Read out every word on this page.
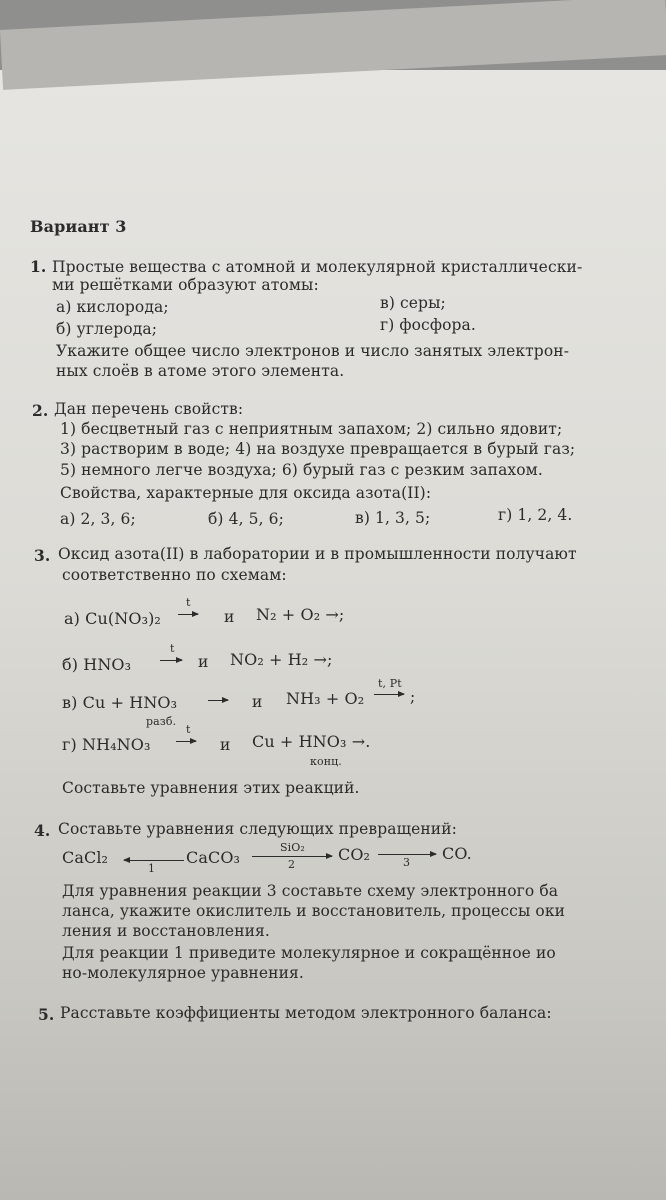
Вариант 3
1. Простые вещества с атомной и молекулярной кристаллически-
ми решётками образуют атомы:
а) кислорода;	в) серы;
б) углерода;	г) фосфора.
Укажите общее число электронов и число занятых электрон-
ных слоёв в атоме этого элемента.
2. Дан перечень свойств:
1) бесцветный газ с неприятным запахом; 2) сильно ядовит;
3) растворим в воде; 4) на воздухе превращается в бурый газ;
5) немного легче воздуха; 6) бурый газ с резким запахом.
Свойства, характерные для оксида азота(II):
а) 2, 3, 6;	б) 4, 5, 6;	в) 1, 3, 5;	г) 1, 2, 4.
3. Оксид азота(II) в лаборатории и в промышленности получают
соответственно по схемам:
а) Cu(NO₃)₂
t
и N₂ + O₂ →;
б) HNO₃
t
и NO₂ + H₂ →;
в) Cu + HNO₃
разб.
и NH₃ + O₂
t, Pt
;
г) NH₄NO₃
t
и Cu + HNO₃ →.
конц.
Составьте уравнения этих реакций.
4. Составьте уравнения следующих превращений:
CaCl₂
1
CaCO₃
SiO₂
2
CO₂	3 CO.
Для уравнения реакции 3 составьте схему электронного ба
ланса, укажите окислитель и восстановитель, процессы оки
ления и восстановления.
Для реакции 1 приведите молекулярное и сокращённое ио
но-молекулярное уравнения.
5. Расставьте коэффициенты методом электронного баланса:
